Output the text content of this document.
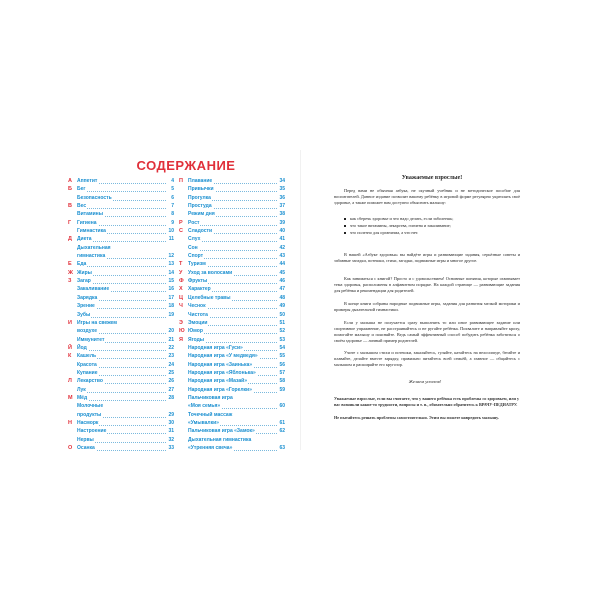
СОДЕРЖАНИЕ
А	Аппетит	4
Б	Бег	5
Безопасность	6
В	Вес	7
Витамины	8
Г	Гигиена	9
Гимнастика	10
Д	Диета	11
Дыхательная
гимнастика	12
Е	Еда	13
Ж Жиры	14
З	Загар	15
Закаливание	16
Зарядка	17
Зрение	18
Зубы	19
И	Игры на свежем
воздухе	20
Иммунитет	21
Й	Йод	22
К	Кашель	23
Красота	24
Купание	25
Л	Лекарство	26
Лук	27
М Мёд	28
Молочные
продукты	29
Н	Насморк	30
Настроение	31
Нервы	32
О Осанка	33
П	Плавание	34
Привычки	35
Прогулка	36
Простуда	37
Режим дня	38
Р	Рост	39
С	Сладости	40
Слух	41
Сон	42
Спорт	43
Т	Туризм	44
У	Уход за волосами	45
Ф Фрукты	46
Х	Характер	47
Ц Целебные травы	48
Ч	Чеснок	49
Чистота	50
Э	Эмоции	51
Ю Юмор	52
Я	Ягоды	53
Народная игра «Гуси»	54
Народная игра «У медведя»	55
Народная игра «Заинька»	56
Народная игра «Яблонька»	57
Народная игра «Мазай»	58
Народная игра «Горелки»	59
Пальчиковая игра
«Моя семья»	60
Точечный массаж
«Умывалки»	61
Пальчиковая игра «Замок»	62
Дыхательная гимнастика
«Утренняя свеча»	63
Уважаемые взрослые!
Перед вами не обычная азбука, не скучный учебник и не методическое пособие для воспитателей. Данное издание позволит вашему ребёнку в игровой форме регулярно укреплять своё здоровье, а также поможет вам доступно объяснить малышу:
как сберечь здоровье и что надо делать, если заболеешь;
что такое витамины, лекарства, гигиена и закаливание;
что полезно для организма, а что нет.
В нашей «Азбуке здоровья» вы найдёте игры и развивающие задания, серьёзные советы и забавные загадки, потешки, стихи, загадки, подвижные игры и многое другое.
Как заниматься с книгой? Просто и с удовольствием! Основные понятия, которые охватывает тема здоровья, расположены в алфавитном порядке. На каждой странице — развивающие задания для ребёнка и рекомендации для родителей.
В конце книги собраны народные подвижные игры, задания для развития мелкой моторики и примеры дыхательной гимнастики.
Если у малыша не получается сразу выполнить то или иное развивающее задание или спортивное упражнение, не расстраивайтесь и не ругайте ребёнка. Похвалите и направляйте кроху, помогайте малышу и поясняйте. Ведь самый эффективный способ побудить ребёнка заботиться о своём здоровье — личный пример родителей.
Учите с малышом стихи и потешки, закаляйтесь, гуляйте, катайтесь на велосипеде, бегайте и плавайте, делайте вместе зарядку, правильно питайтесь всей семьёй, а главное — общайтесь с малышом и расширяйте его кругозор.
Желаем успехов!
Уважаемые взрослые, если вы считаете, что у вашего ребёнка есть проблемы со здоровьем, или у вас возникли какие-то трудности, вопросы и т. п., обязательно обратитесь к ВРАЧУ-ПЕДИАТРУ.
Не пытайтесь решать проблемы самостоятельно. Этим вы можете навредить малышу.
